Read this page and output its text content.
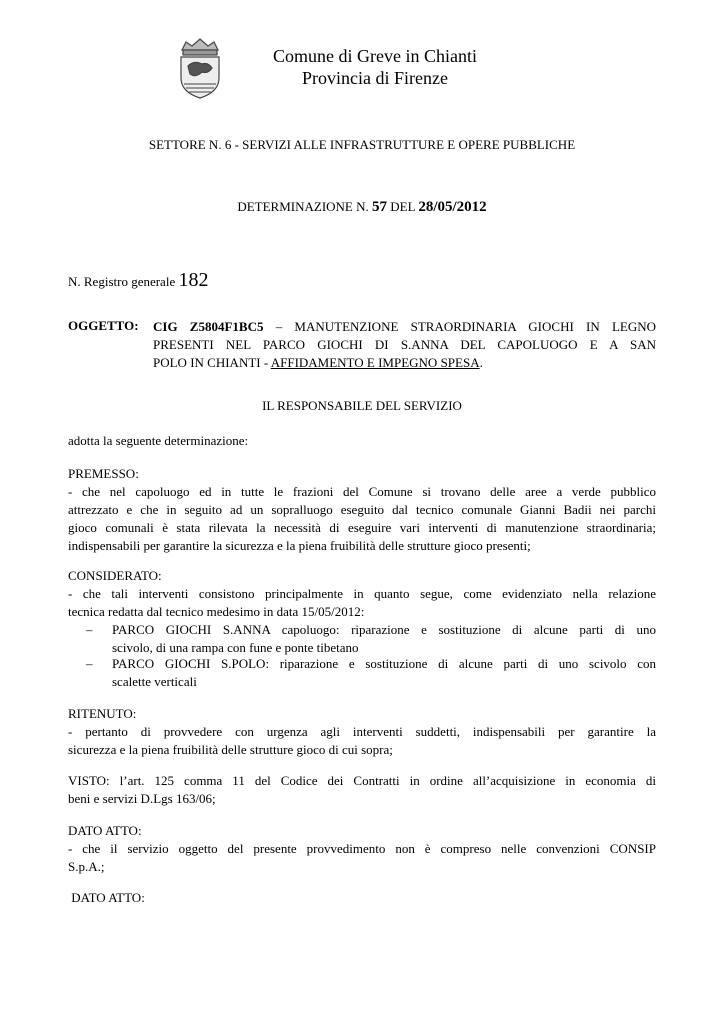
Comune di Greve in Chianti
Provincia di Firenze
SETTORE N. 6 - SERVIZI ALLE INFRASTRUTTURE E OPERE PUBBLICHE
DETERMINAZIONE N. 57 DEL 28/05/2012
N. Registro generale 182
OGGETTO: CIG Z5804F1BC5 – MANUTENZIONE STRAORDINARIA GIOCHI IN LEGNO
PRESENTI NEL PARCO GIOCHI DI S.ANNA DEL CAPOLUOGO E A SAN
POLO IN CHIANTI - AFFIDAMENTO E IMPEGNO SPESA.
IL RESPONSABILE DEL SERVIZIO
adotta la seguente determinazione:
PREMESSO:
- che nel capoluogo ed in tutte le frazioni del Comune si trovano delle aree a verde pubblico
attrezzato e che in seguito ad un sopralluogo eseguito dal tecnico comunale Gianni Badii nei parchi
gioco comunali è stata rilevata la necessità di eseguire vari interventi di manutenzione straordinaria;
indispensabili per garantire la sicurezza e la piena fruibilità delle strutture gioco presenti;
CONSIDERATO:
- che tali interventi consistono principalmente in quanto segue, come evidenziato nella relazione
tecnica redatta dal tecnico medesimo in data 15/05/2012:
– PARCO GIOCHI S.ANNA capoluogo: riparazione e sostituzione di alcune parti di uno
scivolo, di una rampa con fune e ponte tibetano
– PARCO GIOCHI S.POLO: riparazione e sostituzione di alcune parti di uno scivolo con
scalette verticali
RITENUTO:
- pertanto di provvedere con urgenza agli interventi suddetti, indispensabili per garantire la
sicurezza e la piena fruibilità delle strutture gioco di cui sopra;
VISTO: l’art. 125 comma 11 del Codice dei Contratti in ordine all’acquisizione in economia di
beni e servizi D.Lgs 163/06;
DATO ATTO:
- che il servizio oggetto del presente provvedimento non è compreso nelle convenzioni CONSIP
S.p.A.;
DATO ATTO:
